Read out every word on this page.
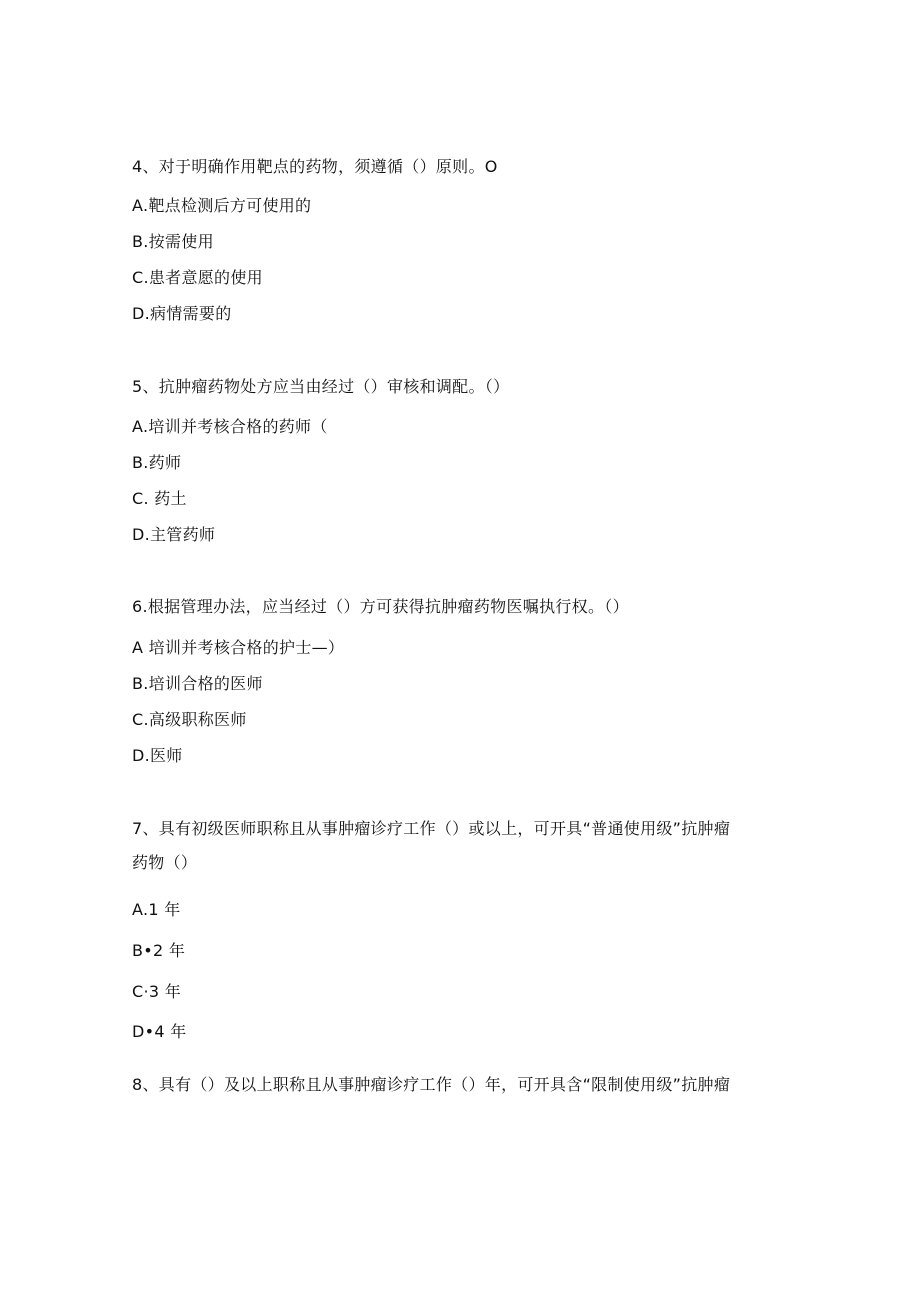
4、对于明确作用靶点的药物，须遵循（）原则。O

A.靶点检测后方可使用的

B.按需使用

C.患者意愿的使用

D.病情需要的

5、抗肿瘤药物处方应当由经过（）审核和调配。（）

A.培训并考核合格的药师（

B.药师

C. 药土

D.主管药师

6.根据管理办法，应当经过（）方可获得抗肿瘤药物医嘱执行权。（）

A 培训并考核合格的护士—）

B.培训合格的医师

C.高级职称医师

D.医师

7、具有初级医师职称且从事肿瘤诊疗工作（）或以上，可开具“普通使用级”抗肿瘤

药物（）

A.1 年

B•2 年

C·3 年

D•4 年

8、具有（）及以上职称且从事肿瘤诊疗工作（）年，可开具含“限制使用级”抗肿瘤
